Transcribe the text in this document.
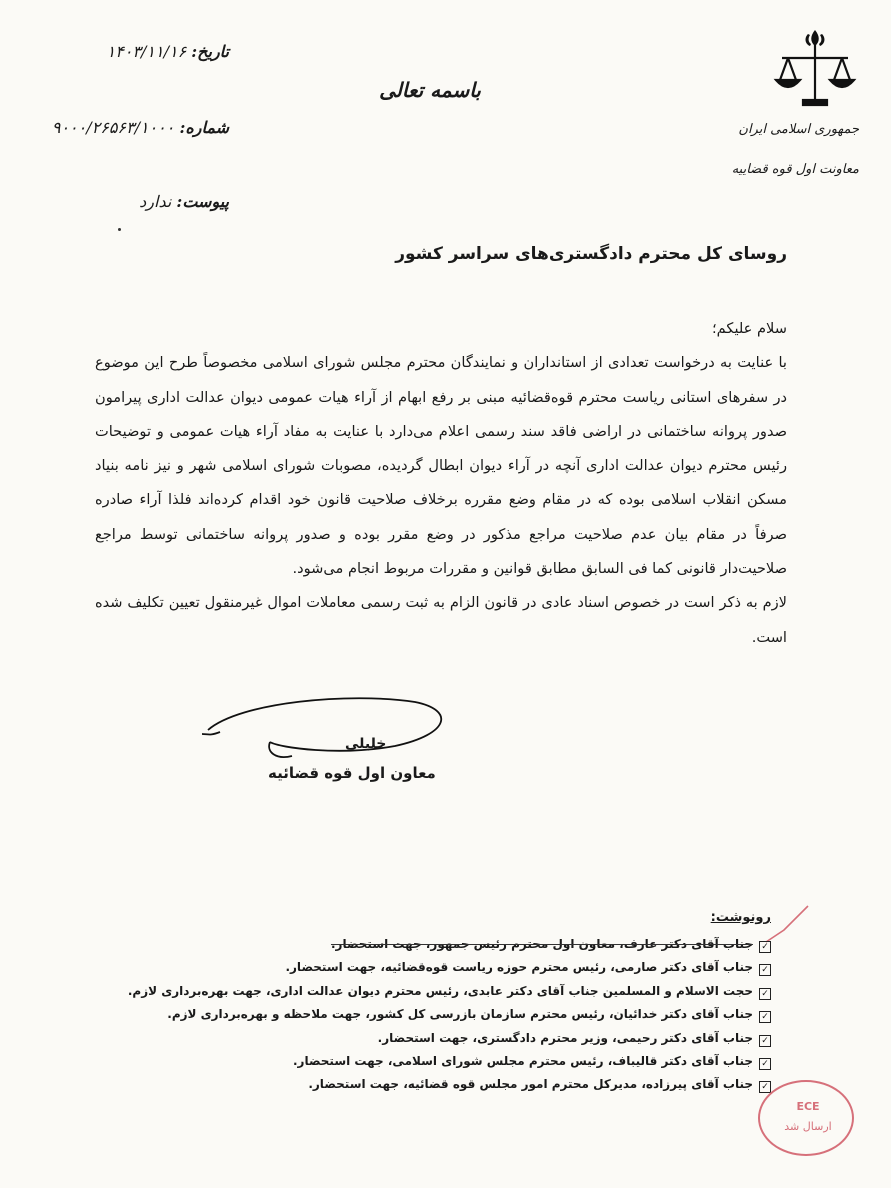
جمهوری اسلامی ایران
معاونت اول قوه قضاییه
باسمه تعالی
تاریخ: ۱۴۰۳/۱۱/۱۶
شماره: ۹۰۰۰/۲۶۵۶۳/۱۰۰۰
پیوست: ندارد
روسای کل محترم دادگستری‌های سراسر کشور

سلام علیکم؛

با عنایت به درخواست تعدادی از استانداران و نمایندگان محترم مجلس شورای اسلامی مخصوصاً طرح این موضوع در سفرهای استانی ریاست محترم قوه‌قضائیه مبنی بر رفع ابهام از آراء هیات عمومی دیوان عدالت اداری پیرامون صدور پروانه ساختمانی در اراضی فاقد سند رسمی اعلام می‌دارد با عنایت به مفاد آراء هیات عمومی و توضیحات رئیس محترم دیوان عدالت اداری آنچه در آراء دیوان ابطال گردیده، مصوبات شورای اسلامی شهر و نیز نامه بنیاد مسکن انقلاب اسلامی بوده که در مقام وضع مقرره برخلاف صلاحیت قانون خود اقدام کرده‌اند فلذا آراء صادره صرفاً در مقام بیان عدم صلاحیت مراجع مذکور در وضع مقرر بوده و صدور پروانه ساختمانی توسط مراجع صلاحیت‌دار قانونی کما فی السابق مطابق قوانین و مقررات مربوط انجام می‌شود.

لازم به ذکر است در خصوص اسناد عادی در قانون الزام به ثبت رسمی معاملات اموال غیرمنقول تعیین تکلیف شده است.

خلیلی
معاون اول قوه قضائیه
رونوشت:
✓جناب آقای دکتر عارف، معاون اول محترم رئیس جمهور، جهت استحضار.
✓جناب آقای دکتر صارمی، رئیس محترم حوزه ریاست قوه‌قضائیه، جهت استحضار.
✓حجت الاسلام و المسلمین جناب آقای دکتر عابدی، رئیس محترم دیوان عدالت اداری، جهت بهره‌برداری لازم.
✓جناب آقای دکتر خدائیان، رئیس محترم سازمان بازرسی کل کشور، جهت ملاحظه و بهره‌برداری لازم.
✓جناب آقای دکتر رحیمی، وزیر محترم دادگستری، جهت استحضار.
✓جناب آقای دکتر قالیباف، رئیس محترم مجلس شورای اسلامی، جهت استحضار.
✓جناب آقای پیرزاده، مدیرکل محترم امور مجلس قوه قضائیه، جهت استحضار.
ECE
ارسال شد
